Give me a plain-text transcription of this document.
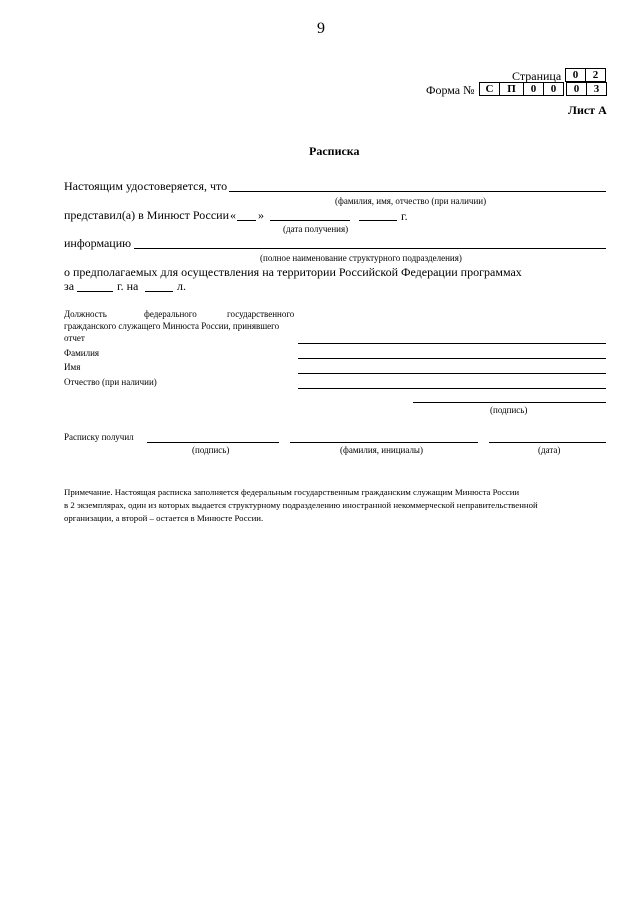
9
Страница	0	2
Форма № С	П	0	0	0	3
Лист А
Расписка
Настоящим удостоверяется, что
(фамилия, имя, отчество (при наличии)
представил(а) в Минюст России « »	г.
(дата получения)
информацию
(полное наименование структурного подразделения)
о предполагаемых для осуществления на территории Российской Федерации программах
за	г. на	л.
Должность	федерального	государственного
гражданского служащего Минюста России, принявшего
отчет
Фамилия
Имя
Отчество (при наличии)
(подпись)
Расписку получил
(подпись)	(фамилия, инициалы)	(дата)
Примечание. Настоящая расписка заполняется федеральным государственным гражданским служащим Минюста России
в 2 экземплярах, один из которых выдается структурному подразделению иностранной некоммерческой неправительственной
организации, а второй – остается в Минюсте России.
